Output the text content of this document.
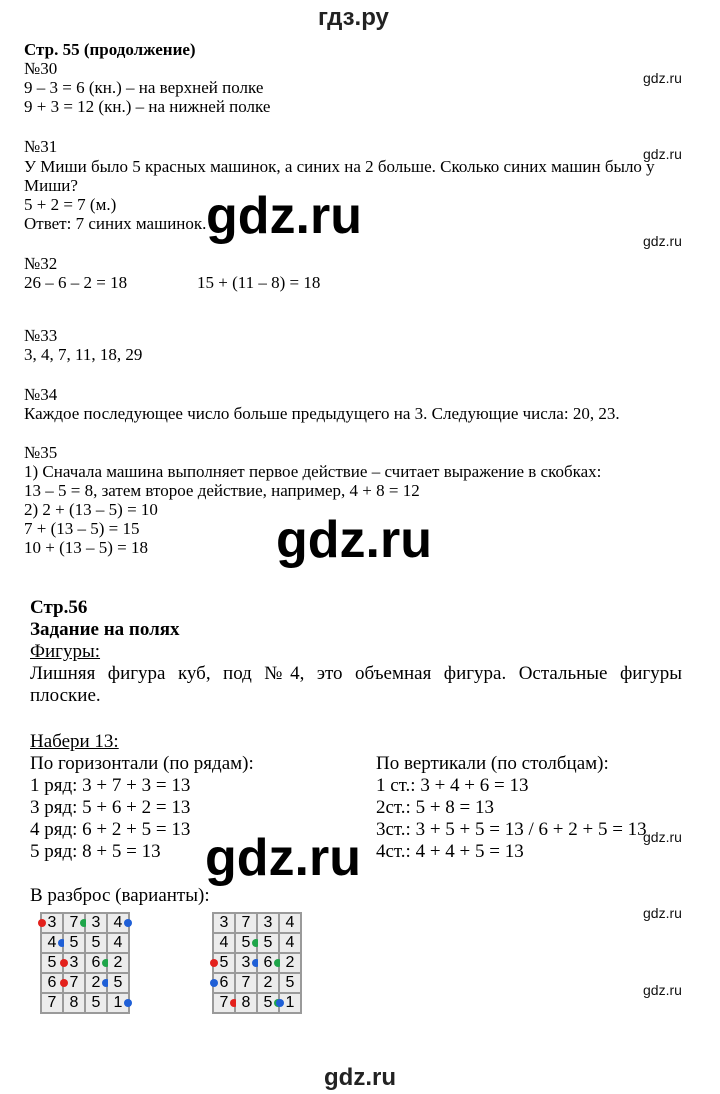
гдз.ру
Стр. 55 (продолжение)
№30
9 – 3 = 6 (кн.) – на верхней полке
9 + 3 = 12 (кн.) – на нижней полке
№31
У Миши было 5 красных машинок, а синих на 2 больше. Сколько синих машин было у
Миши?
5 + 2 = 7 (м.)
Ответ: 7 синих машинок.
№32
26 – 6 – 2 = 18	15 + (11 – 8) = 18
№33
3, 4, 7, 11, 18, 29
№34
Каждое последующее число больше предыдущего на 3. Следующие числа: 20, 23.
№35
1) Сначала машина выполняет первое действие – считает выражение в скобках:
13 – 5 = 8, затем второе действие, например, 4 + 8 = 12
2) 2 + (13 – 5) = 10
7 + (13 – 5) = 15
10 + (13 – 5) = 18
Стр.56
Задание на полях
Фигуры:
Лишняя фигура куб, под №4, это объемная фигура. Остальные фигуры
плоские.
Набери 13:
По горизонтали (по рядам):
1 ряд: 3 + 7 + 3 = 13
3 ряд: 5 + 6 + 2 = 13
4 ряд: 6 + 2 + 5 = 13
5 ряд: 8 + 5 = 13
По вертикали (по столбцам):
1 ст.: 3 + 4 + 6 = 13
2ст.: 5 + 8 = 13
3ст.: 3 + 5 + 5 = 13 / 6 + 2 + 5 = 13
4ст.: 4 + 4 + 5 = 13
В разброс (варианты):
3	7	3	4

4	5	5	4
5	3	6	2
6	7	2	5
7	8	5	1
3	7	3	4
4	5	5	4

5	3	6	2

6	7	2	5
7	8	5	1
gdz.ru
gdz.ru
gdz.ru
gdz.ru
gdz.ru
gdz.ru
gdz.ru
gdz.ru
gdz.ru
gdz.ru
